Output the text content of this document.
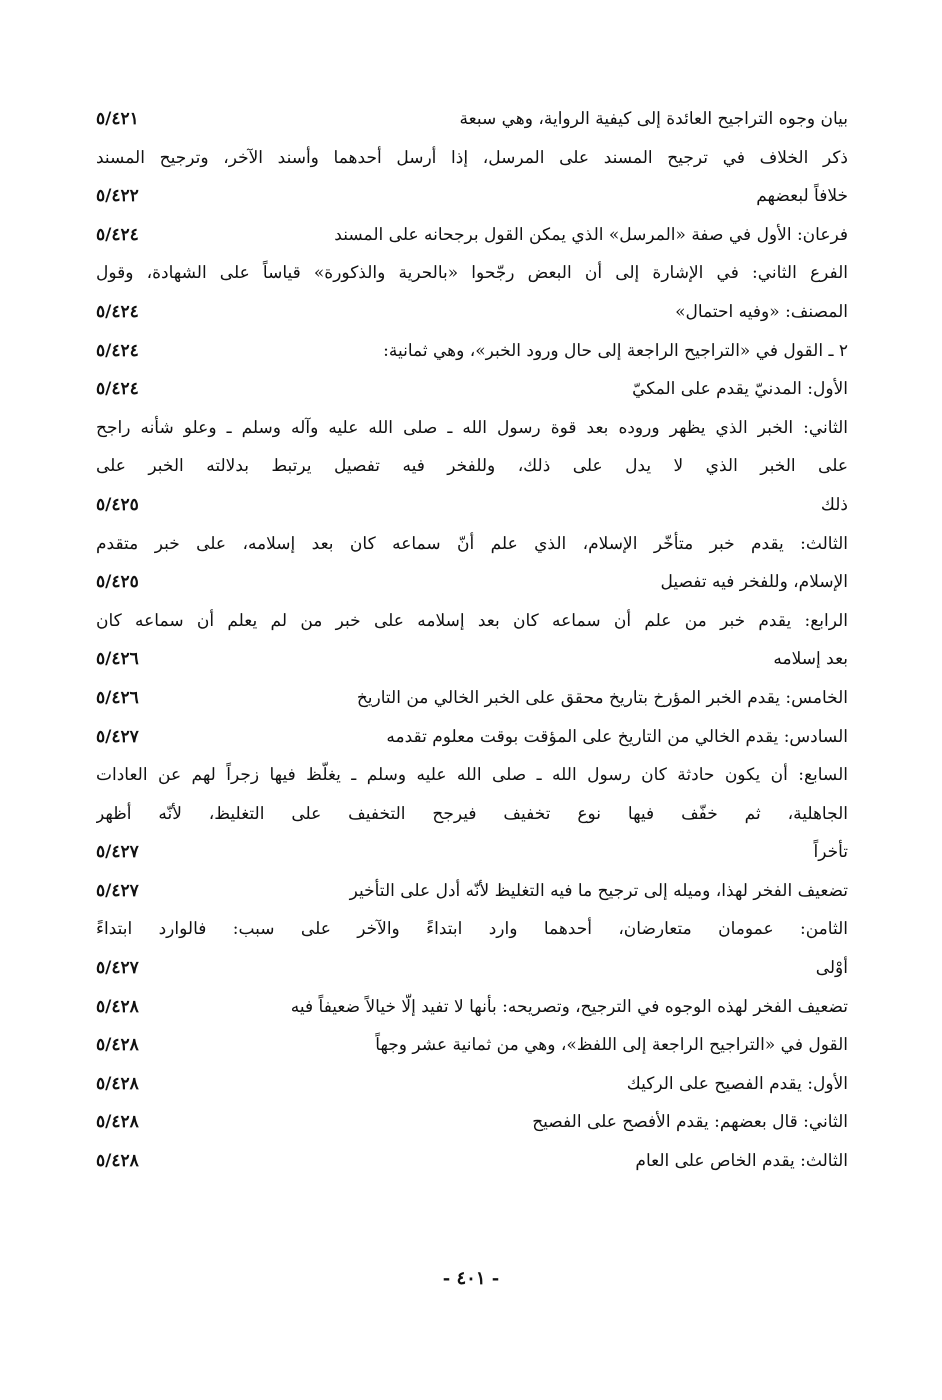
بيان وجوه التراجيح العائدة إلى كيفية الرواية، وهي سبعة
٥/٤٢١
ذكر الخلاف في ترجيح المسند على المرسل، إذا أرسل أحدهما وأسند الآخر، وترجيح المسند
خلافاً لبعضهم
٥/٤٢٢
فرعان: الأول في صفة «المرسل» الذي يمكن القول برجحانه على المسند
٥/٤٢٤
الفرع الثاني: في الإشارة إلى أن البعض رجّحوا «بالحرية والذكورة» قياساً على الشهادة، وقول
المصنف: «وفيه احتمال»
٥/٤٢٤
٢ ـ القول في «التراجيح الراجعة إلى حال ورود الخبر»، وهي ثمانية:
٥/٤٢٤
الأول: المدنيّ يقدم على المكيّ
٥/٤٢٤
الثاني: الخبر الذي يظهر وروده بعد قوة رسول الله ـ صلى الله عليه وآله وسلم ـ وعلو شأنه راجح
على الخبر الذي لا يدل على ذلك، وللفخر فيه تفصيل يرتبط بدلالته الخبر على
ذلك
٥/٤٢٥
الثالث: يقدم خبر متأخّر الإسلام، الذي علم أنّ سماعه كان بعد إسلامه، على خبر متقدم
الإسلام، وللفخر فيه تفصيل
٥/٤٢٥
الرابع: يقدم خبر من علم أن سماعه كان بعد إسلامه على خبر من لم يعلم أن سماعه كان
بعد إسلامه
٥/٤٢٦
الخامس: يقدم الخبر المؤرخ بتاريخ محقق على الخبر الخالي من التاريخ
٥/٤٢٦
السادس: يقدم الخالي من التاريخ على المؤقت بوقت معلوم تقدمه
٥/٤٢٧
السابع: أن يكون حادثة كان رسول الله ـ صلى الله عليه وسلم ـ يغلّظ فيها زجراً لهم عن العادات
الجاهلية، ثم خفّف فيها نوع تخفيف فيرجح التخفيف على التغليظ، لأنّه أظهر
تأخراً
٥/٤٢٧
تضعيف الفخر لهذا، وميله إلى ترجيح ما فيه التغليظ لأنّه أدل على التأخير
٥/٤٢٧
الثامن: عمومان متعارضان، أحدهما وارد ابتداءً والآخر على سبب: فالوارد ابتداءً
أوْلى
٥/٤٢٧
تضعيف الفخر لهذه الوجوه في الترجيح، وتصريحه: بأنها لا تفيد إلّا خيالاً ضعيفاً فيه
٥/٤٢٨
القول في «التراجيح الراجعة إلى اللفظ»، وهي من ثمانية عشر وجهاً
٥/٤٢٨
الأول: يقدم الفصيح على الركيك
٥/٤٢٨
الثاني: قال بعضهم: يقدم الأفصح على الفصيح
٥/٤٢٨
الثالث: يقدم الخاص على العام
٥/٤٢٨
- ٤٠١ -
